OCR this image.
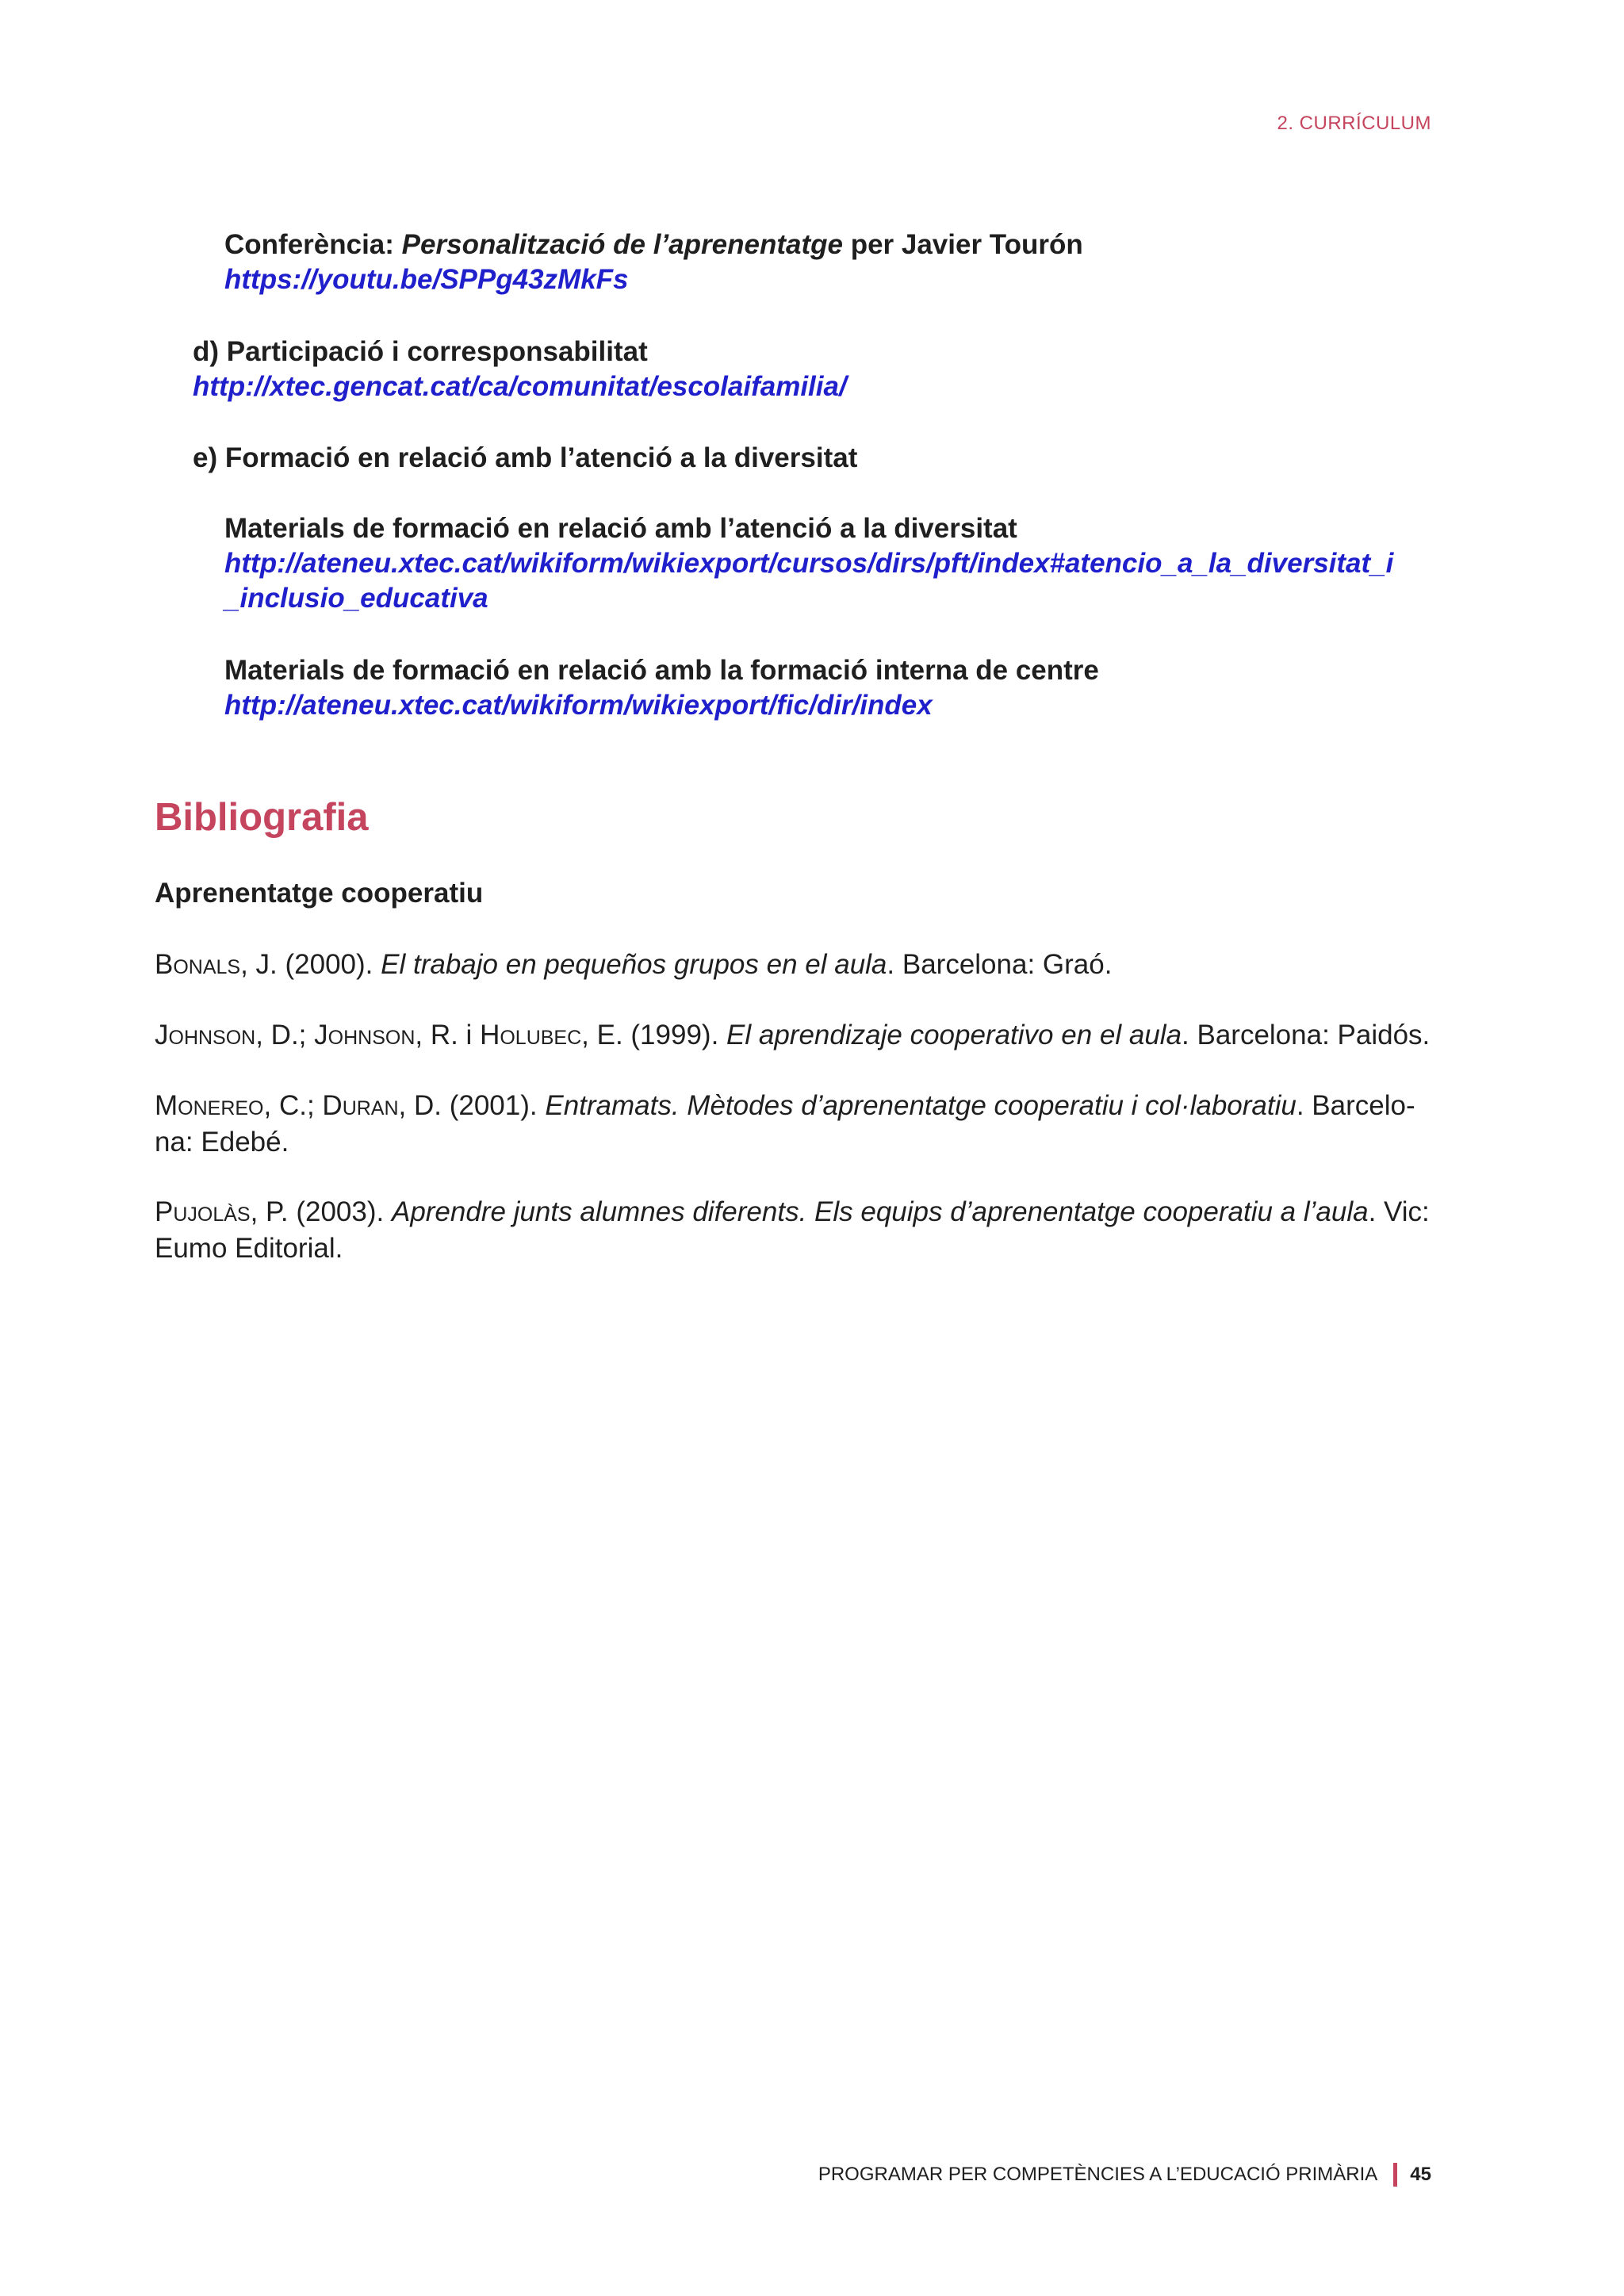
2. CURRÍCULUM
Conferència: Personalització de l’aprenentatge per Javier Tourón
https://youtu.be/SPPg43zMkFs
d) Participació i corresponsabilitat
http://xtec.gencat.cat/ca/comunitat/escolaifamilia/
e) Formació en relació amb l’atenció a la diversitat
Materials de formació en relació amb l’atenció a la diversitat
http://ateneu.xtec.cat/wikiform/wikiexport/cursos/dirs/pft/index#atencio_a_la_diversitat_i
_inclusio_educativa
Materials de formació en relació amb la formació interna de centre
http://ateneu.xtec.cat/wikiform/wikiexport/fic/dir/index
Bibliografia
Aprenentatge cooperatiu
Bonals, J. (2000). El trabajo en pequeños grupos en el aula. Barcelona: Graó.
Johnson, D.; Johnson, R. i Holubec, E. (1999). El aprendizaje cooperativo en el aula. Barcelona: Paidós.
Monereo, C.; Duran, D. (2001). Entramats. Mètodes d’aprenentatge cooperatiu i col·laboratiu. Barcelo-na: Edebé.
Pujolàs, P. (2003). Aprendre junts alumnes diferents. Els equips d’aprenentatge cooperatiu a l’aula. Vic: Eumo Editorial.
PROGRAMAR PER COMPETÈNCIES A L’EDUCACIÓ PRIMÀRIA 45
